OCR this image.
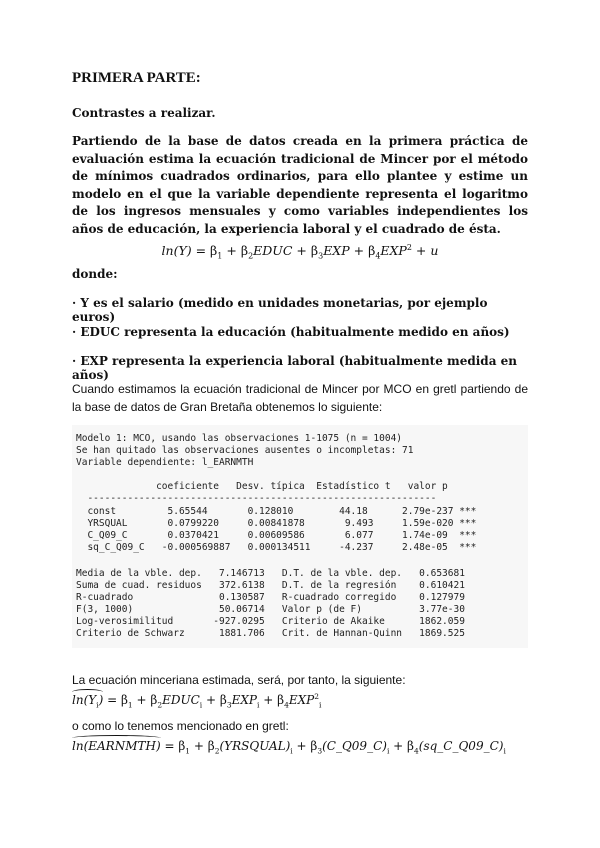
PRIMERA PARTE:
Contrastes a realizar.
Partiendo de la base de datos creada en la primera práctica de evaluación estima la ecuación tradicional de Mincer por el método de mínimos cuadrados ordinarios, para ello plantee y estime un modelo en el que la variable dependiente representa el logaritmo de los ingresos mensuales y como variables independientes los años de educación, la experiencia laboral y el cuadrado de ésta.
$\ln(Y) = \beta_1$ + $\beta_2EDUC + \beta_3EXP + \beta_4EXP^2 + u$
donde:
· Y es el salario (medido en unidades monetarias, por ejemplo euros)
· EDUC representa la educación (habitualmente medido en años)
· EXP representa la experiencia laboral (habitualmente medida en años)
Cuando estimamos la ecuación tradicional de Mincer por MCO en gretl partiendo de la base de datos de Gran Bretaña obtenemos lo siguiente:
Modelo 1: MCO, usando las observaciones 1-1075 (n = 1004)
Se han quitado las observaciones ausentes o incompletas: 71
Variable dependiente: l_EARNMTH
coeficiente   Desv. típica  Estadístico t   valor p
-------------------------------------------------------------
const         5.65544       0.128010        44.18      2.79e-237 ***
YRSQUAL       0.0799220     0.00841878       9.493     1.59e-020 ***
C_Q09_C       0.0370421     0.00609586       6.077     1.74e-09  ***
sq_C_Q09_C   -0.000569887   0.000134511     -4.237     2.48e-05  ***
Media de la vble. dep.   7.146713   D.T. de la vble. dep.   0.653681
Suma de cuad. residuos   372.6138   D.T. de la regresión    0.610421
R-cuadrado               0.130587   R-cuadrado corregido    0.127979
F(3, 1000)               50.06714   Valor p (de F)          3.77e-30
Log-verosimilitud       -927.0295   Criterio de Akaike      1862.059
Criterio de Schwarz      1881.706   Crit. de Hannan-Quinn   1869.525
La ecuación minceriana estimada, será, por tanto, la siguiente:
$\ln(Y_i) = \beta_1$ + $\beta_2EDUC_i + \beta_3EXP_i + \beta_4EXP^2_i$
o como lo tenemos mencionado en gretl:
ln(EARNMTH) = $\beta_1$ + $\beta_2(YRSQUAL)_i$ + $\beta_3(C\_Q09\_C)_i$ + $\beta_4(sq\_C\_Q09\_C)_i$
